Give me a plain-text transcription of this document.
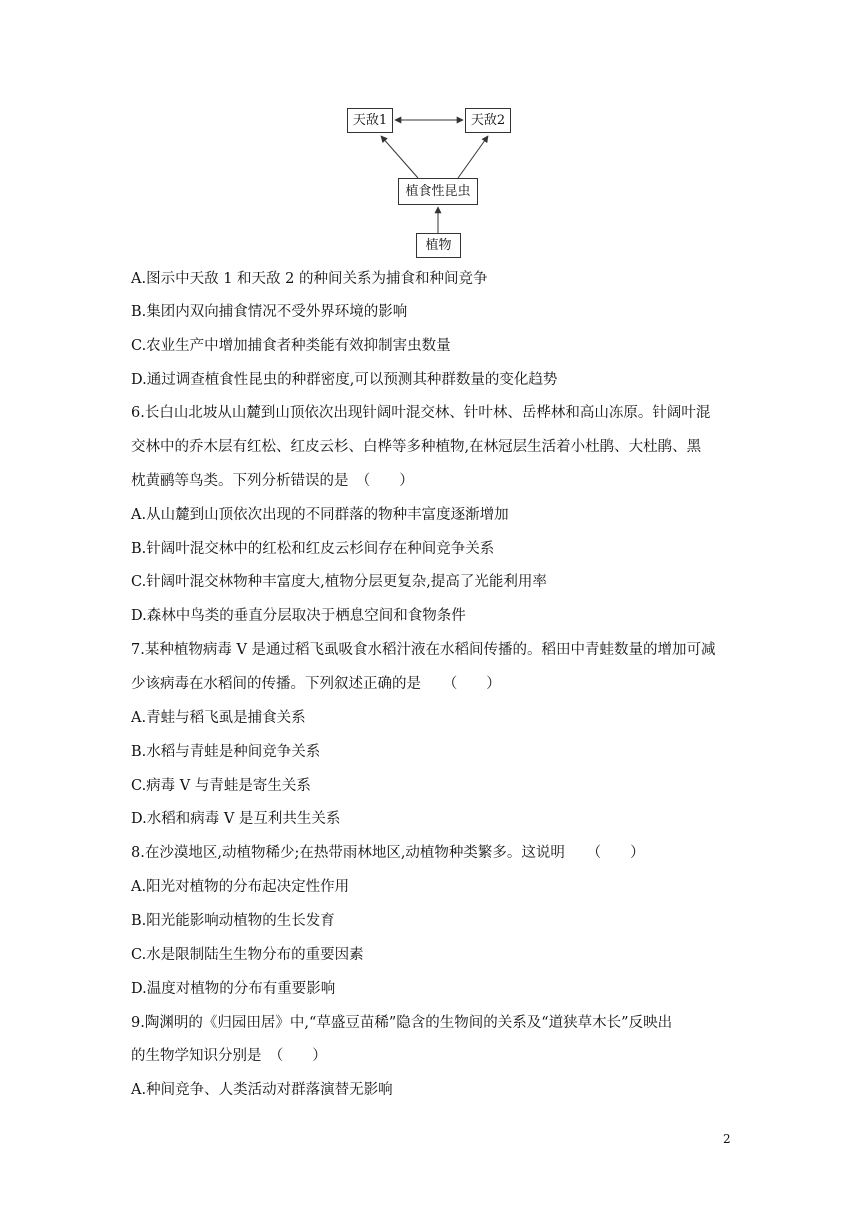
天敌1	天敌2
植食性昆虫
植物
A.图示中天敌 1 和天敌 2 的种间关系为捕食和种间竞争
B.集团内双向捕食情况不受外界环境的影响
C.农业生产中增加捕食者种类能有效抑制害虫数量
D.通过调查植食性昆虫的种群密度,可以预测其种群数量的变化趋势
6.长白山北坡从山麓到山顶依次出现针阔叶混交林、针叶林、岳桦林和高山冻原。针阔叶混
交林中的乔木层有红松、红皮云杉、白桦等多种植物,在林冠层生活着小杜鹃、大杜鹃、黑
枕黄鹂等鸟类。下列分析错误的是　（　　）
A.从山麓到山顶依次出现的不同群落的物种丰富度逐渐增加
B.针阔叶混交林中的红松和红皮云杉间存在种间竞争关系
C.针阔叶混交林物种丰富度大,植物分层更复杂,提高了光能利用率
D.森林中鸟类的垂直分层取决于栖息空间和食物条件
7.某种植物病毒 V 是通过稻飞虱吸食水稻汁液在水稻间传播的。稻田中青蛙数量的增加可减
少该病毒在水稻间的传播。下列叙述正确的是　　（　　）
A.青蛙与稻飞虱是捕食关系
B.水稻与青蛙是种间竞争关系
C.病毒 V 与青蛙是寄生关系
D.水稻和病毒 V 是互利共生关系
8.在沙漠地区,动植物稀少;在热带雨林地区,动植物种类繁多。这说明　　（　　）
A.阳光对植物的分布起决定性作用
B.阳光能影响动植物的生长发育
C.水是限制陆生生物分布的重要因素
D.温度对植物的分布有重要影响
9.陶渊明的《归园田居》中,“草盛豆苗稀”隐含的生物间的关系及“道狭草木长”反映出
的生物学知识分别是　（　　）
A.种间竞争、人类活动对群落演替无影响
2
